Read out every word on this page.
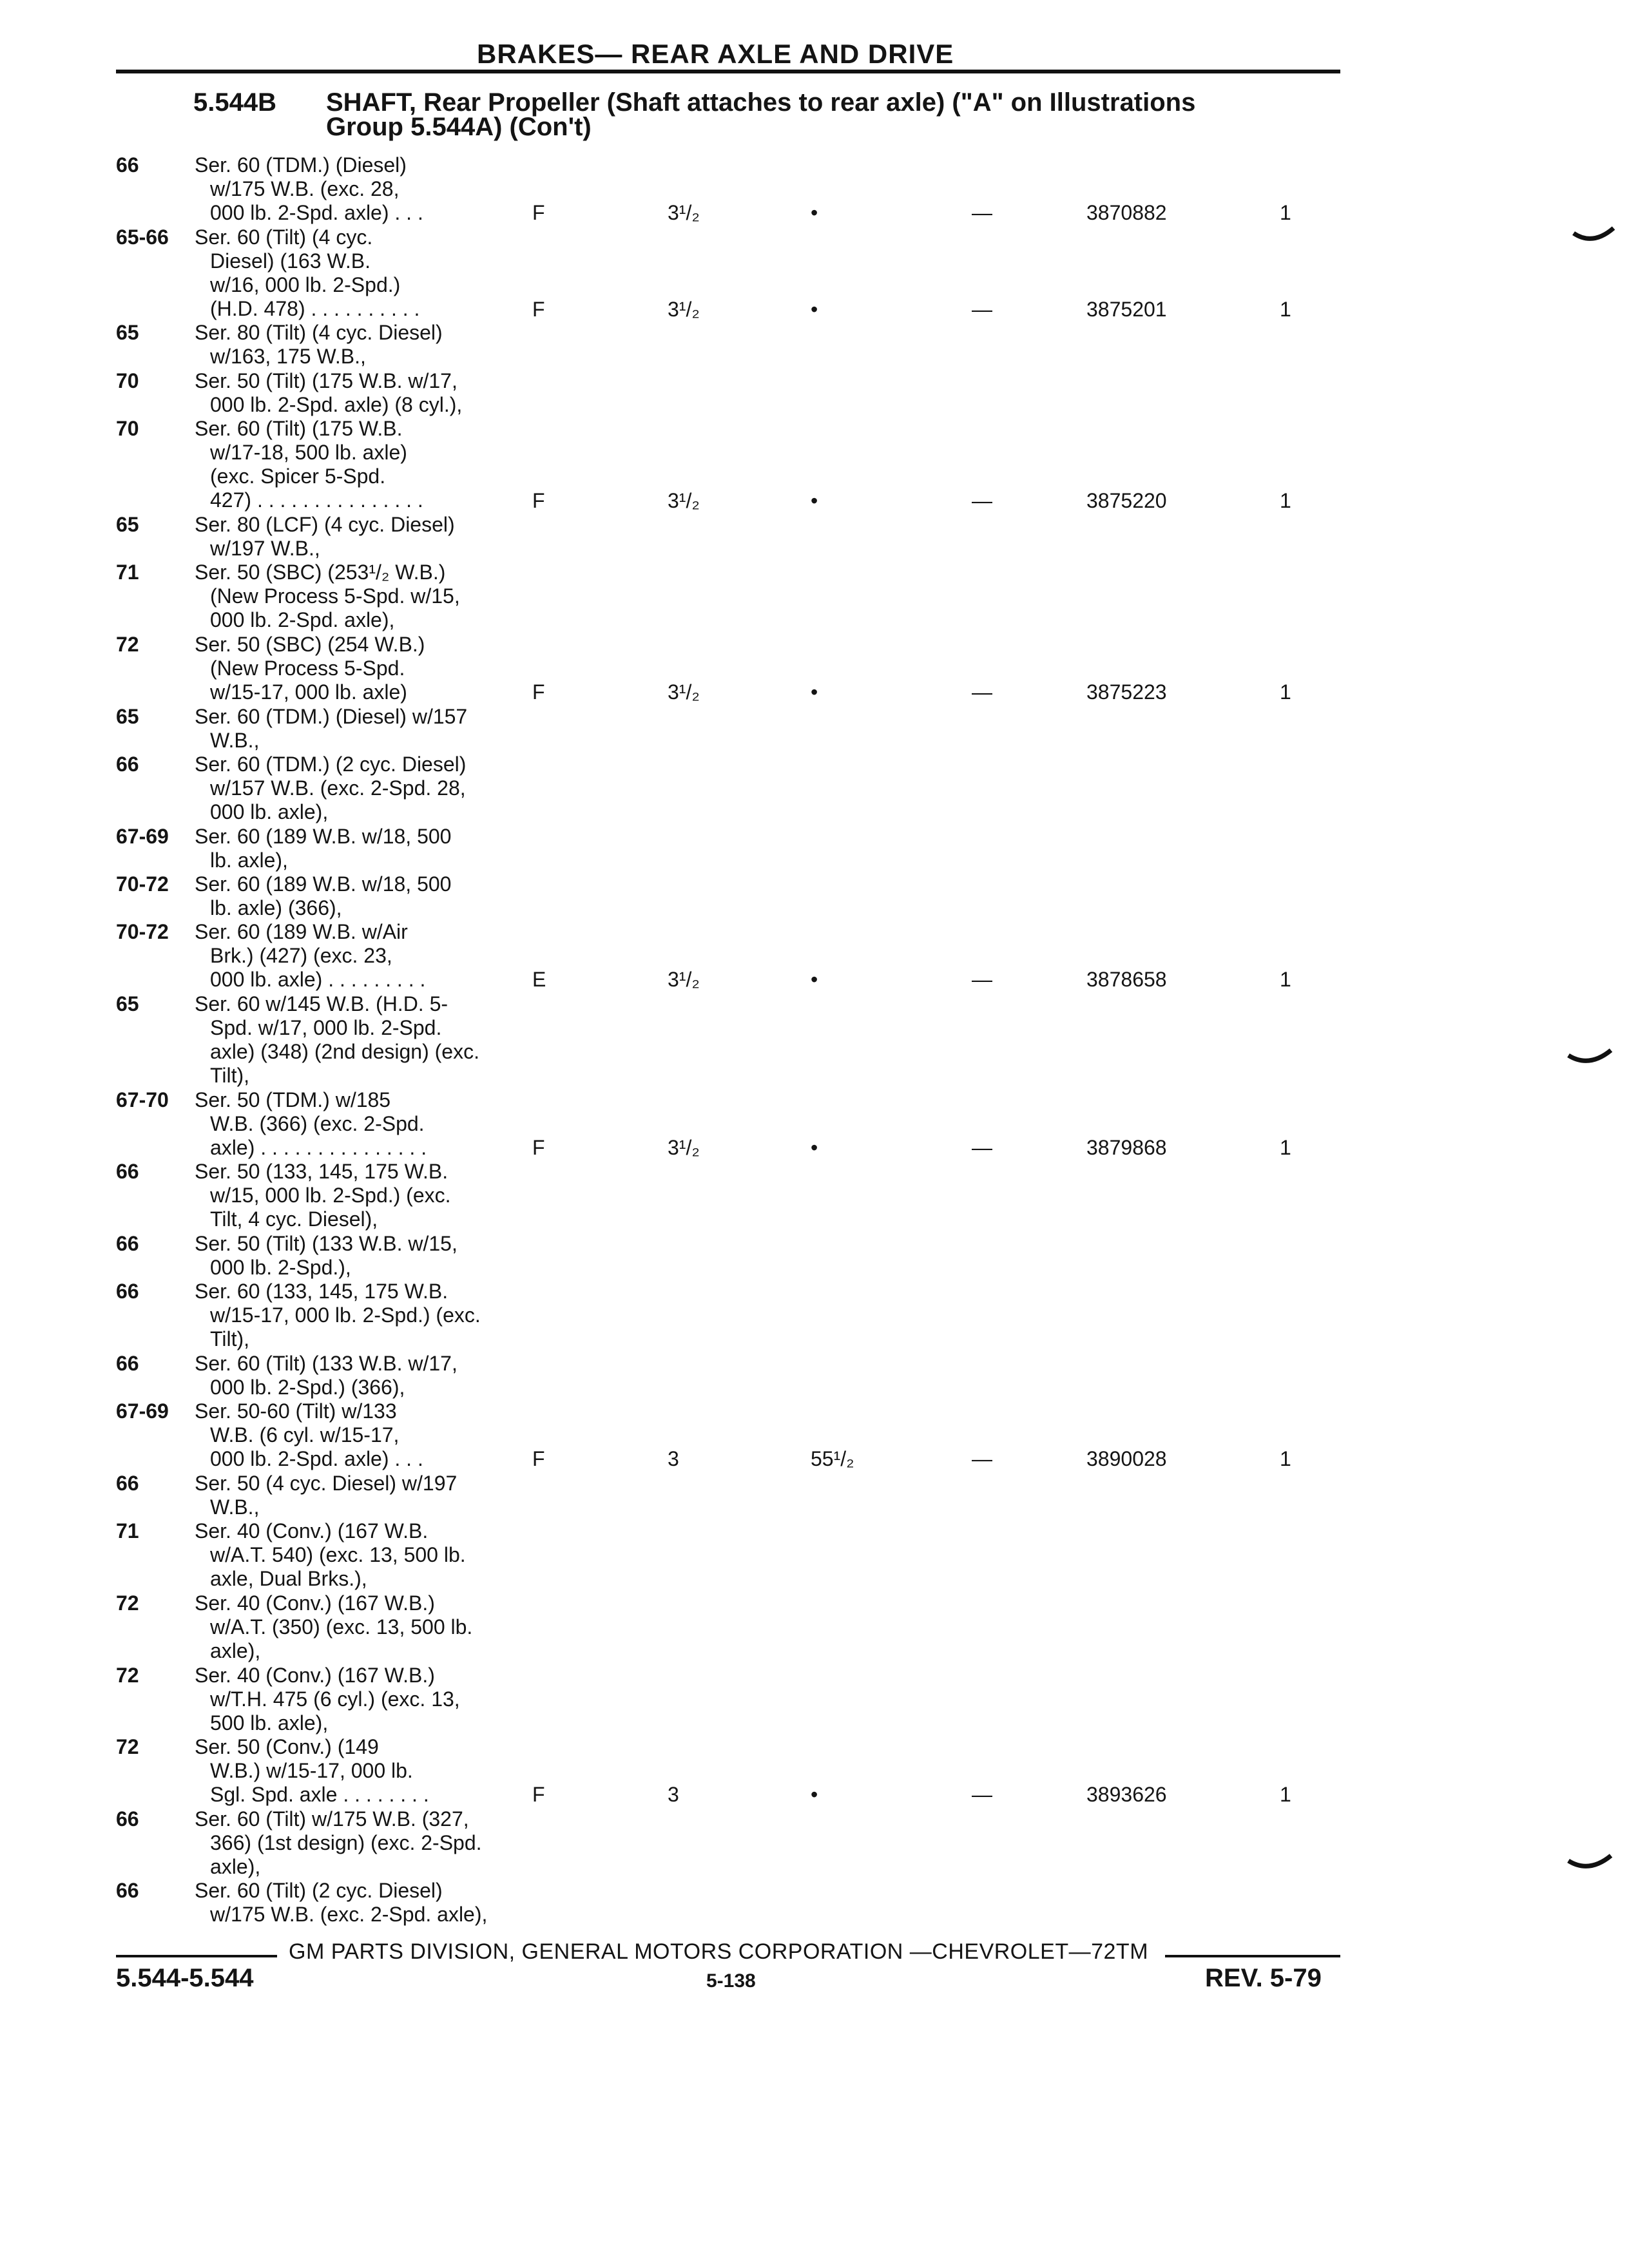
BRAKES— REAR AXLE AND DRIVE
5.544B SHAFT, Rear Propeller (Shaft attaches to rear axle) ("A" on Illustrations
Group 5.544A) (Con't)
66	Ser. 60 (TDM.) (Diesel)
w/175 W.B. (exc. 28,
000 lb. 2-Spd. axle) . . .	F	3¹/₂	•	—	3870882	1
65-66	Ser. 60 (Tilt) (4 cyc.
Diesel) (163 W.B.
w/16, 000 lb. 2-Spd.)
(H.D. 478) . . . . . . . . . .	F	3¹/₂	•	—	3875201	1
65	Ser. 80 (Tilt) (4 cyc. Diesel)
w/163, 175 W.B.,
70	Ser. 50 (Tilt) (175 W.B. w/17,
000 lb. 2-Spd. axle) (8 cyl.),
70	Ser. 60 (Tilt) (175 W.B.
w/17-18, 500 lb. axle)
(exc. Spicer 5-Spd.
427) . . . . . . . . . . . . . . .	F	3¹/₂	•	—	3875220	1
65	Ser. 80 (LCF) (4 cyc. Diesel)
w/197 W.B.,
71	Ser. 50 (SBC) (253¹/₂ W.B.)
(New Process 5-Spd. w/15,
000 lb. 2-Spd. axle),
72	Ser. 50 (SBC) (254 W.B.)
(New Process 5-Spd.
w/15-17, 000 lb. axle)	F	3¹/₂	•	—	3875223	1
65	Ser. 60 (TDM.) (Diesel) w/157
W.B.,
66	Ser. 60 (TDM.) (2 cyc. Diesel)
w/157 W.B. (exc. 2-Spd. 28,
000 lb. axle),
67-69	Ser. 60 (189 W.B. w/18, 500
lb. axle),
70-72	Ser. 60 (189 W.B. w/18, 500
lb. axle) (366),
70-72	Ser. 60 (189 W.B. w/Air
Brk.) (427) (exc. 23,
000 lb. axle) . . . . . . . . .	E	3¹/₂	•	—	3878658	1
65	Ser. 60 w/145 W.B. (H.D. 5-
Spd. w/17, 000 lb. 2-Spd.
axle) (348) (2nd design) (exc.
Tilt),
67-70	Ser. 50 (TDM.) w/185
W.B. (366) (exc. 2-Spd.
axle) . . . . . . . . . . . . . . .	F	3¹/₂	•	—	3879868	1
66	Ser. 50 (133, 145, 175 W.B.
w/15, 000 lb. 2-Spd.) (exc.
Tilt, 4 cyc. Diesel),
66	Ser. 50 (Tilt) (133 W.B. w/15,
000 lb. 2-Spd.),
66	Ser. 60 (133, 145, 175 W.B.
w/15-17, 000 lb. 2-Spd.) (exc.
Tilt),
66	Ser. 60 (Tilt) (133 W.B. w/17,
000 lb. 2-Spd.) (366),
67-69	Ser. 50-60 (Tilt) w/133
W.B. (6 cyl. w/15-17,
000 lb. 2-Spd. axle) . . .	F	3	55¹/₂	—	3890028	1
66	Ser. 50 (4 cyc. Diesel) w/197
W.B.,
71	Ser. 40 (Conv.) (167 W.B.
w/A.T. 540) (exc. 13, 500 lb.
axle, Dual Brks.),
72	Ser. 40 (Conv.) (167 W.B.)
w/A.T. (350) (exc. 13, 500 lb.
axle),
72	Ser. 40 (Conv.) (167 W.B.)
w/T.H. 475 (6 cyl.) (exc. 13,
500 lb. axle),
72	Ser. 50 (Conv.) (149
W.B.) w/15-17, 000 lb.
Sgl. Spd. axle . . . . . . . .	F	3	•	—	3893626	1
66	Ser. 60 (Tilt) w/175 W.B. (327,
366) (1st design) (exc. 2-Spd.
axle),
66	Ser. 60 (Tilt) (2 cyc. Diesel)
w/175 W.B. (exc. 2-Spd. axle),
GM PARTS DIVISION, GENERAL MOTORS CORPORATION —CHEVROLET—72TM
5.544-5.544	5-138	REV. 5-79
